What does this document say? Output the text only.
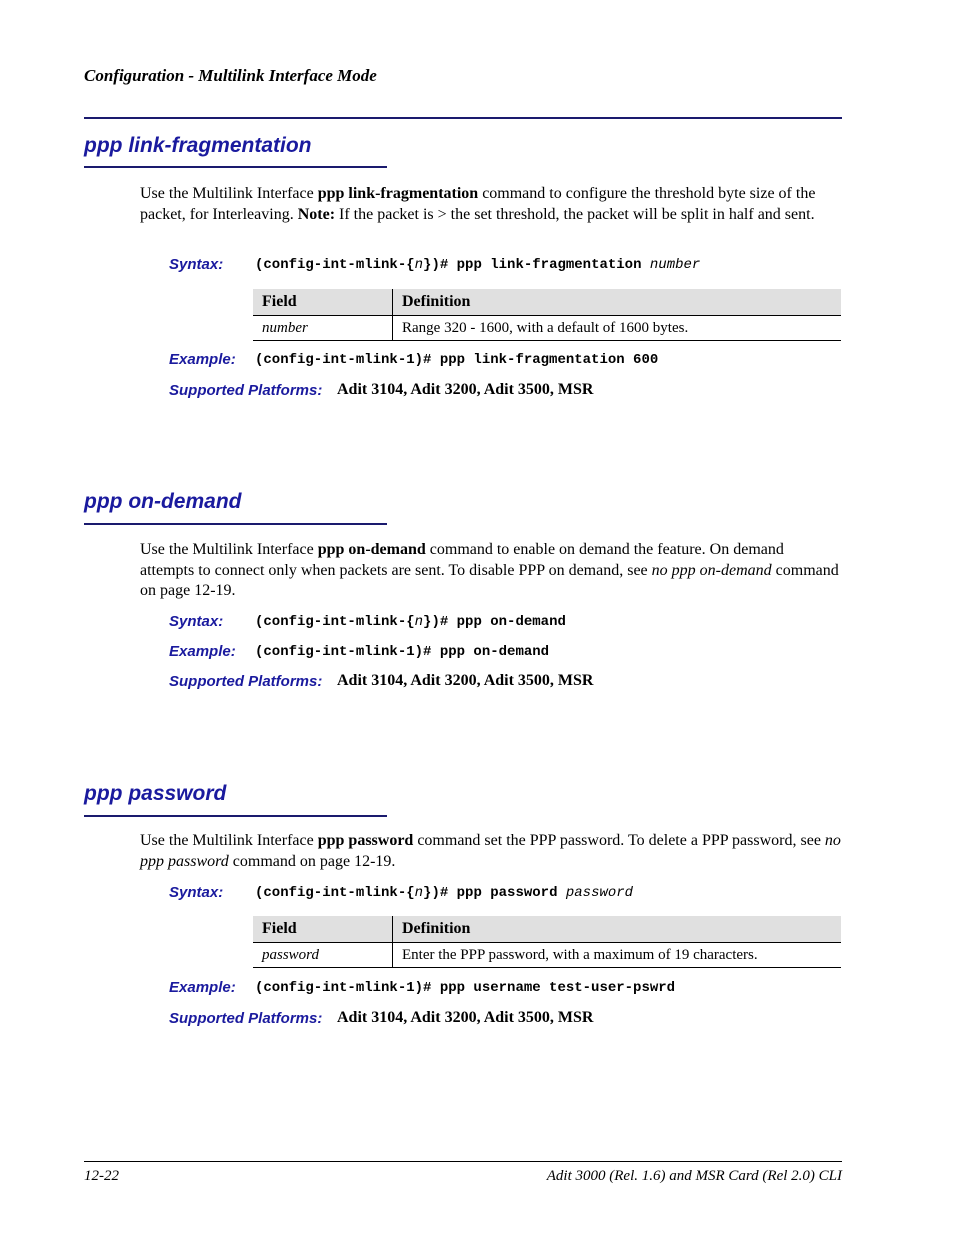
Configuration - Multilink Interface Mode
ppp link-fragmentation
Use the Multilink Interface ppp link-fragmentation command to configure the threshold byte size of the packet, for Interleaving. Note: If the packet is > the set threshold, the packet will be split in half and sent.
Syntax: (config-int-mlink-{n})# ppp link-fragmentation number
Field	Definition
number	Range 320 - 1600, with a default of 1600 bytes.
Example: (config-int-mlink-1)# ppp link-fragmentation 600
Supported Platforms: Adit 3104, Adit 3200, Adit 3500, MSR
ppp on-demand
Use the Multilink Interface ppp on-demand command to enable on demand the feature. On demand attempts to connect only when packets are sent. To disable PPP on demand, see no ppp on-demand command on page 12-19.
Syntax: (config-int-mlink-{n})# ppp on-demand
Example: (config-int-mlink-1)# ppp on-demand
Supported Platforms: Adit 3104, Adit 3200, Adit 3500, MSR
ppp password
Use the Multilink Interface ppp password command set the PPP password. To delete a PPP password, see no ppp password command on page 12-19.
Syntax: (config-int-mlink-{n})# ppp password password
Field	Definition
password	Enter the PPP password, with a maximum of 19 characters.
Example: (config-int-mlink-1)# ppp username test-user-pswrd
Supported Platforms: Adit 3104, Adit 3200, Adit 3500, MSR
12-22	Adit 3000 (Rel. 1.6) and MSR Card (Rel 2.0) CLI
